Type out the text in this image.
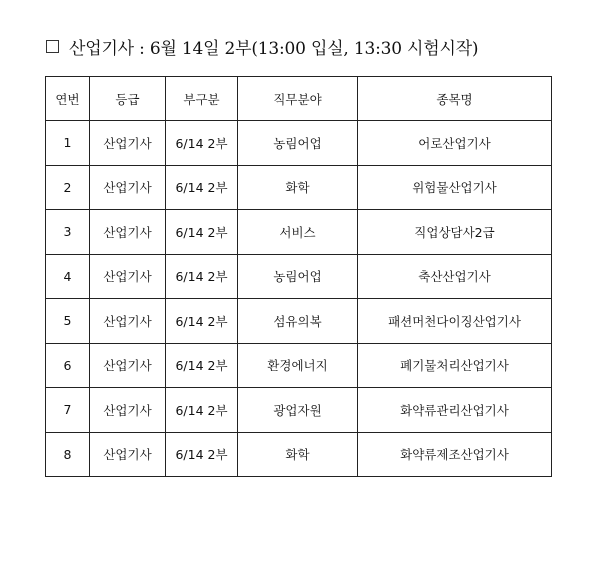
산업기사 : 6월 14일 2부(13:00 입실, 13:30 시험시작)
연번	등급	부구분	직무분야	종목명
1	산업기사	6/14 2부	농림어업	어로산업기사
2	산업기사	6/14 2부	화학	위험물산업기사
3	산업기사	6/14 2부	서비스	직업상담사2급
4	산업기사	6/14 2부	농림어업	축산산업기사
5	산업기사	6/14 2부	섬유의복	패션머천다이징산업기사
6	산업기사	6/14 2부	환경에너지	폐기물처리산업기사
7	산업기사	6/14 2부	광업자원	화약류관리산업기사
8	산업기사	6/14 2부	화학	화약류제조산업기사
